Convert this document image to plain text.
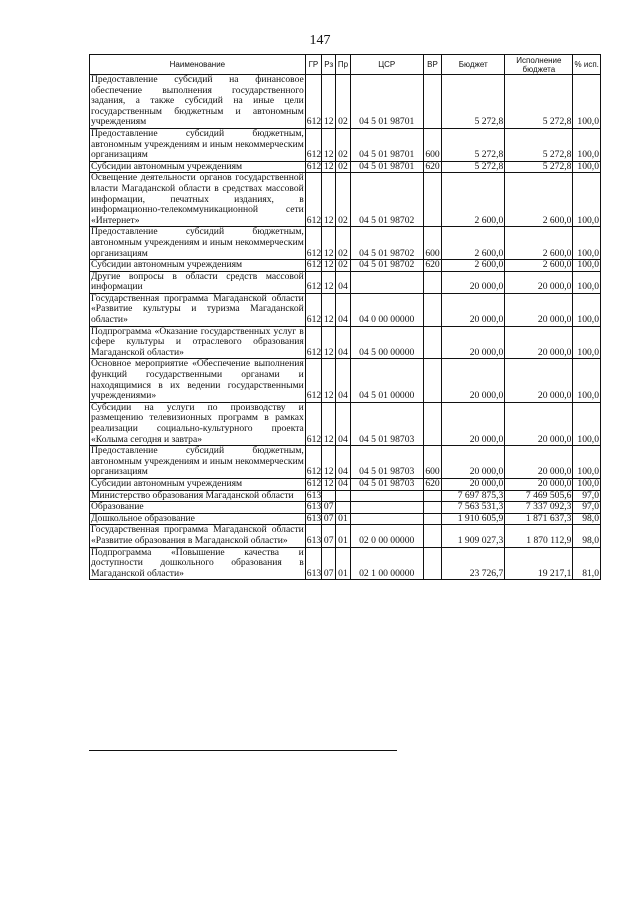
147
Наименование	ГР	Рз	Пр	ЦСР	ВР	Бюджет	Исполнение бюджета	% исп.
Предоставление субсидий на финансовое обеспечение выполнения государственного задания, а также субсидий на иные цели государственным бюджетным и автономным учреждениям	612	12	02	04 5 01 98701		5 272,8	5 272,8	100,0
Предоставление субсидий бюджетным, автономным учреждениям и иным некоммерческим организациям	612	12	02	04 5 01 98701	600	5 272,8	5 272,8	100,0
Субсидии автономным учреждениям	612	12	02	04 5 01 98701	620	5 272,8	5 272,8	100,0
Освещение деятельности органов государственной власти Магаданской области в средствах массовой информации, печатных изданиях, в информационно-телекоммуникационной сети «Интернет»	612	12	02	04 5 01 98702		2 600,0	2 600,0	100,0
Предоставление субсидий бюджетным, автономным учреждениям и иным некоммерческим организациям	612	12	02	04 5 01 98702	600	2 600,0	2 600,0	100,0
Субсидии автономным учреждениям	612	12	02	04 5 01 98702	620	2 600,0	2 600,0	100,0
Другие вопросы в области средств массовой информации	612	12	04			20 000,0	20 000,0	100,0
Государственная программа Магаданской области «Развитие культуры и туризма Магаданской области»	612	12	04	04 0 00 00000		20 000,0	20 000,0	100,0
Подпрограмма «Оказание государственных услуг в сфере культуры и отраслевого образования Магаданской области»	612	12	04	04 5 00 00000		20 000,0	20 000,0	100,0
Основное мероприятие «Обеспечение выполнения функций государственными органами и находящимися в их ведении государственными учреждениями»	612	12	04	04 5 01 00000		20 000,0	20 000,0	100,0
Субсидии на услуги по производству и размещению телевизионных программ в рамках реализации социально-культурного проекта «Колыма сегодня и завтра»	612	12	04	04 5 01 98703		20 000,0	20 000,0	100,0
Предоставление субсидий бюджетным, автономным учреждениям и иным некоммерческим организациям	612	12	04	04 5 01 98703	600	20 000,0	20 000,0	100,0
Субсидии автономным учреждениям	612	12	04	04 5 01 98703	620	20 000,0	20 000,0	100,0
Министерство образования Магаданской области	613					7 697 875,3	7 469 505,6	97,0
Образование	613	07				7 563 531,3	7 337 092,3	97,0
Дошкольное образование	613	07	01			1 910 605,9	1 871 637,3	98,0
Государственная программа Магаданской области «Развитие образования в Магаданской области»	613	07	01	02 0 00 00000		1 909 027,3	1 870 112,9	98,0
Подпрограмма «Повышение качества и доступности дошкольного образования в Магаданской области»	613	07	01	02 1 00 00000		23 726,7	19 217,1	81,0
